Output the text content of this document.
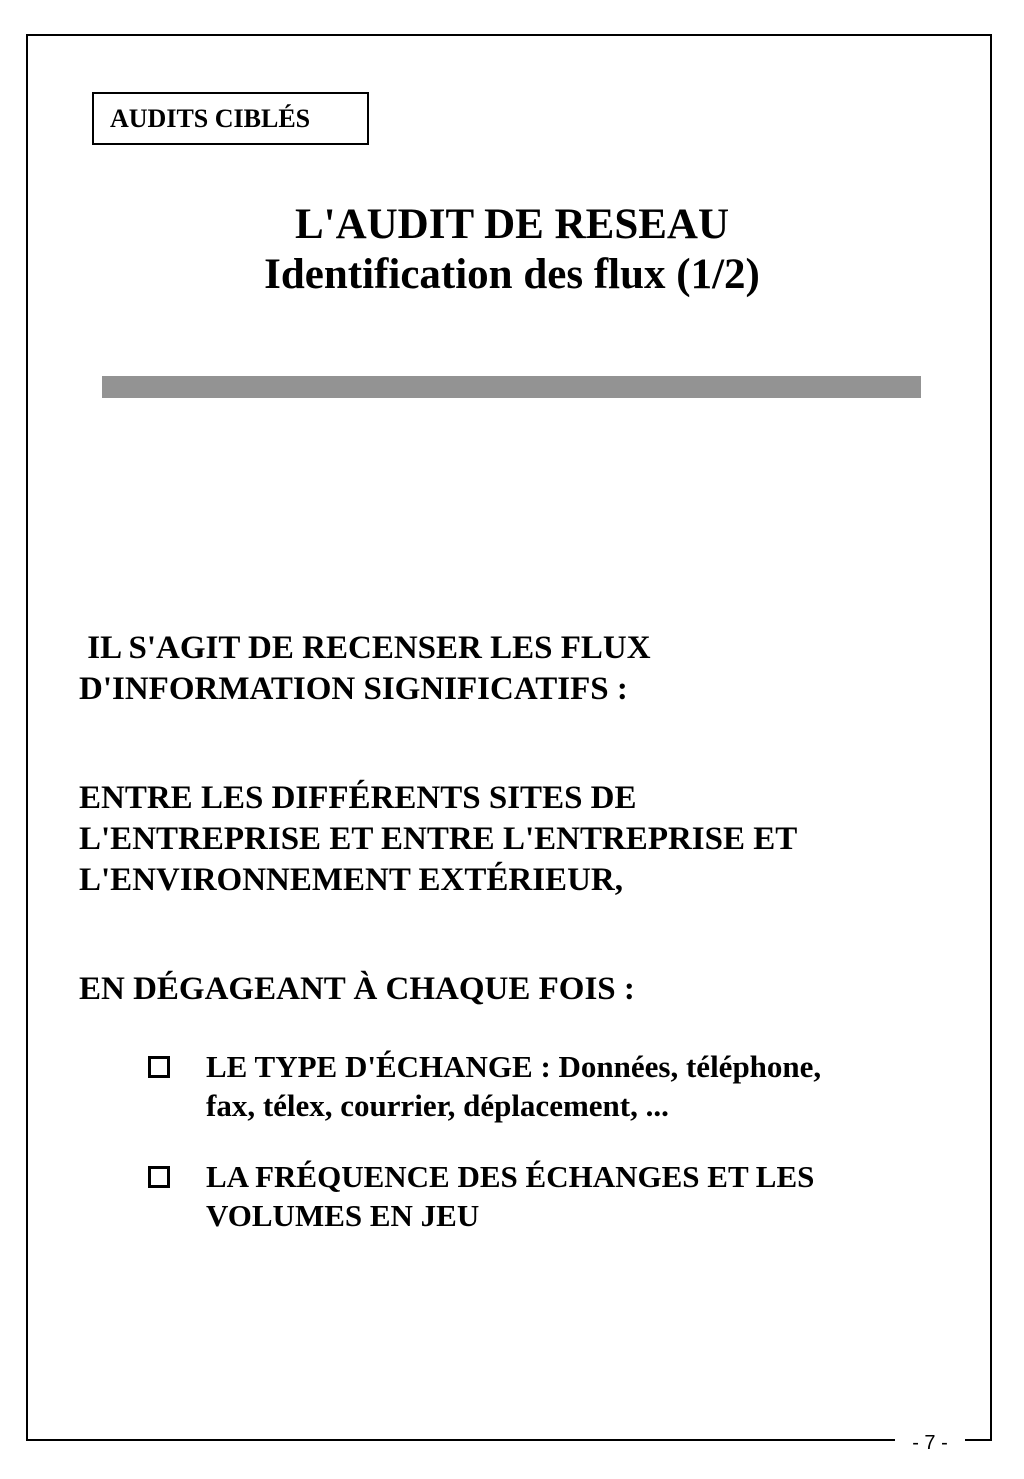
AUDITS CIBLÉS
L'AUDIT DE RESEAU
Identification des flux (1/2)
IL S'AGIT DE RECENSER LES FLUX
D'INFORMATION SIGNIFICATIFS :
ENTRE LES DIFFÉRENTS SITES DE
L'ENTREPRISE ET ENTRE L'ENTREPRISE ET
L'ENVIRONNEMENT EXTÉRIEUR,
EN DÉGAGEANT À CHAQUE FOIS :
LE TYPE D'ÉCHANGE : Données, téléphone,
fax, télex, courrier, déplacement, ...
LA FRÉQUENCE DES ÉCHANGES ET LES
VOLUMES EN JEU
- 7 -
